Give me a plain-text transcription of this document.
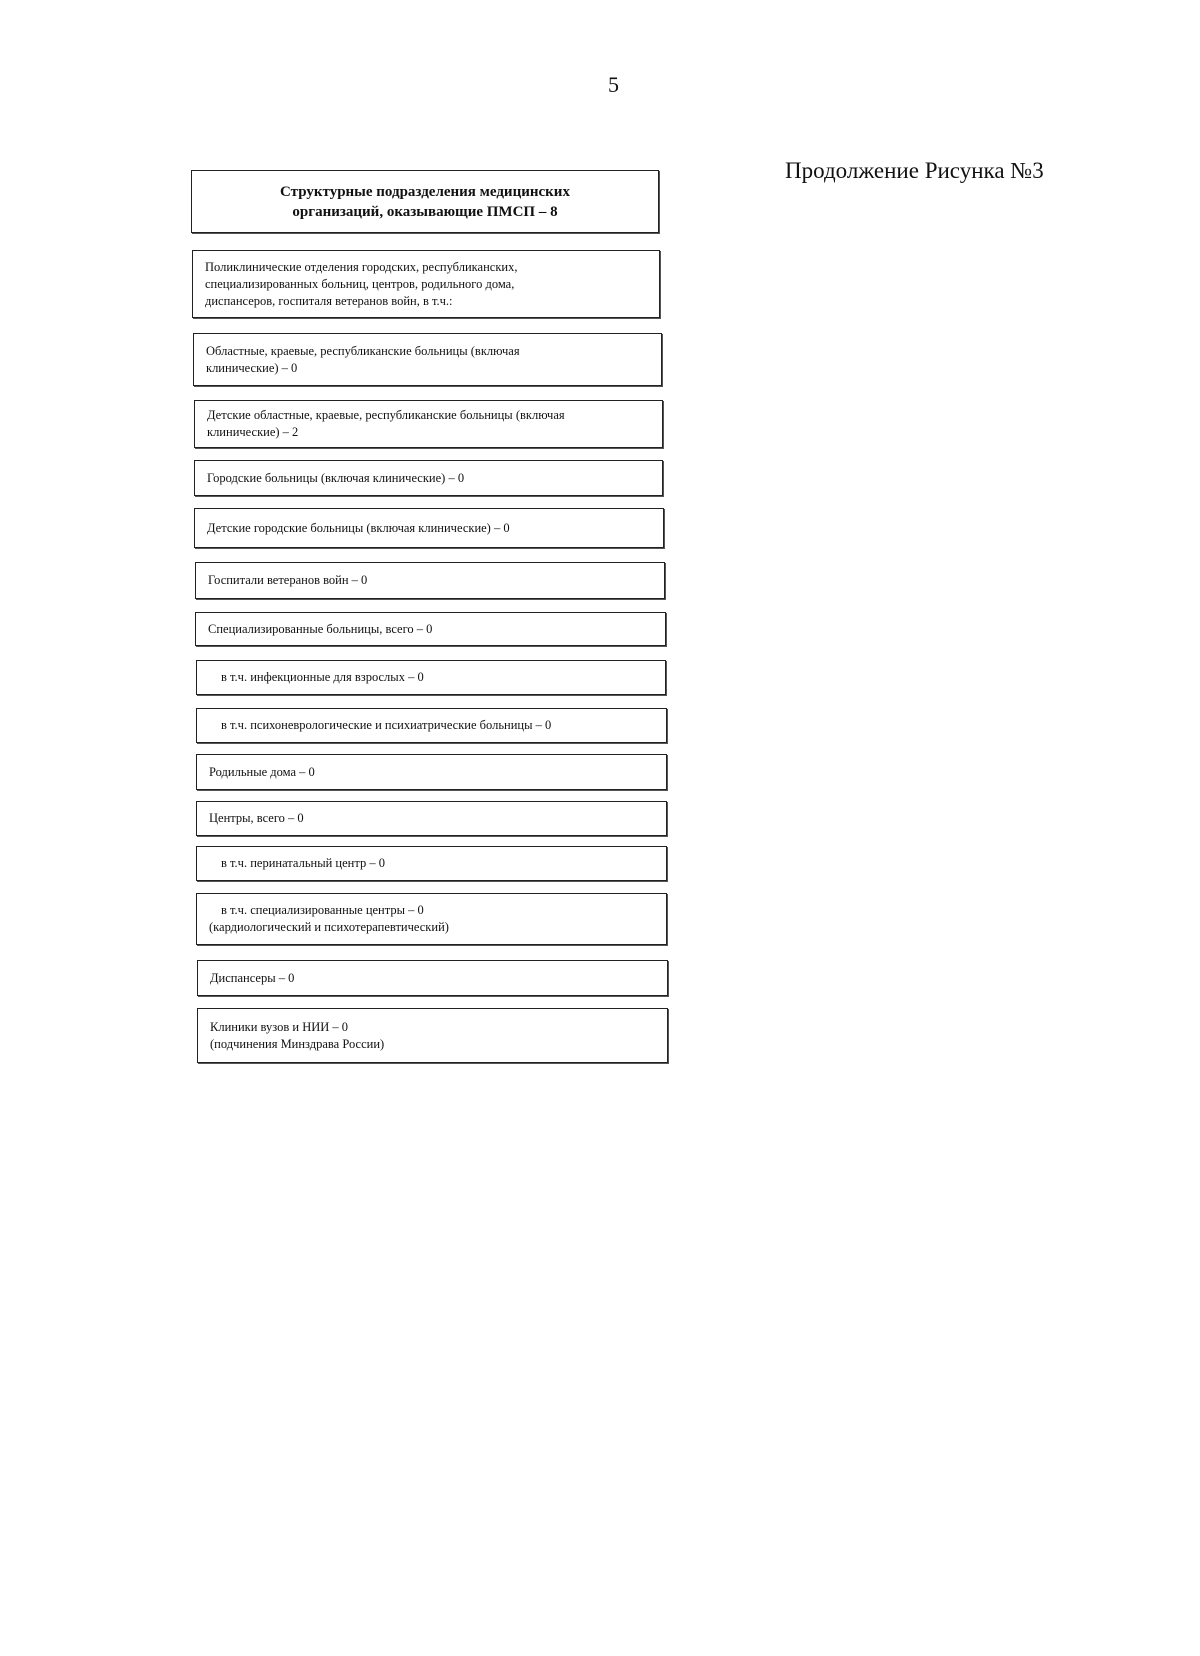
5
Продолжение Рисунка №3
Структурные подразделения медицинских
организаций, оказывающие ПМСП – 8
Поликлинические отделения городских, республиканских,
специализированных больниц, центров, родильного дома,
диспансеров, госпиталя ветеранов войн, в т.ч.:
Областные, краевые, республиканские больницы (включая
клинические) – 0
Детские областные, краевые, республиканские больницы (включая
клинические) – 2
Городские больницы (включая клинические) – 0
Детские городские больницы (включая клинические) – 0
Госпитали ветеранов войн – 0
Специализированные больницы, всего – 0
в т.ч. инфекционные для взрослых – 0
в т.ч. психоневрологические и психиатрические больницы – 0
Родильные дома – 0
Центры, всего – 0
в т.ч. перинатальный центр – 0
в т.ч. специализированные центры – 0
(кардиологический и психотерапевтический)
Диспансеры – 0
Клиники вузов и НИИ – 0
(подчинения Минздрава России)
